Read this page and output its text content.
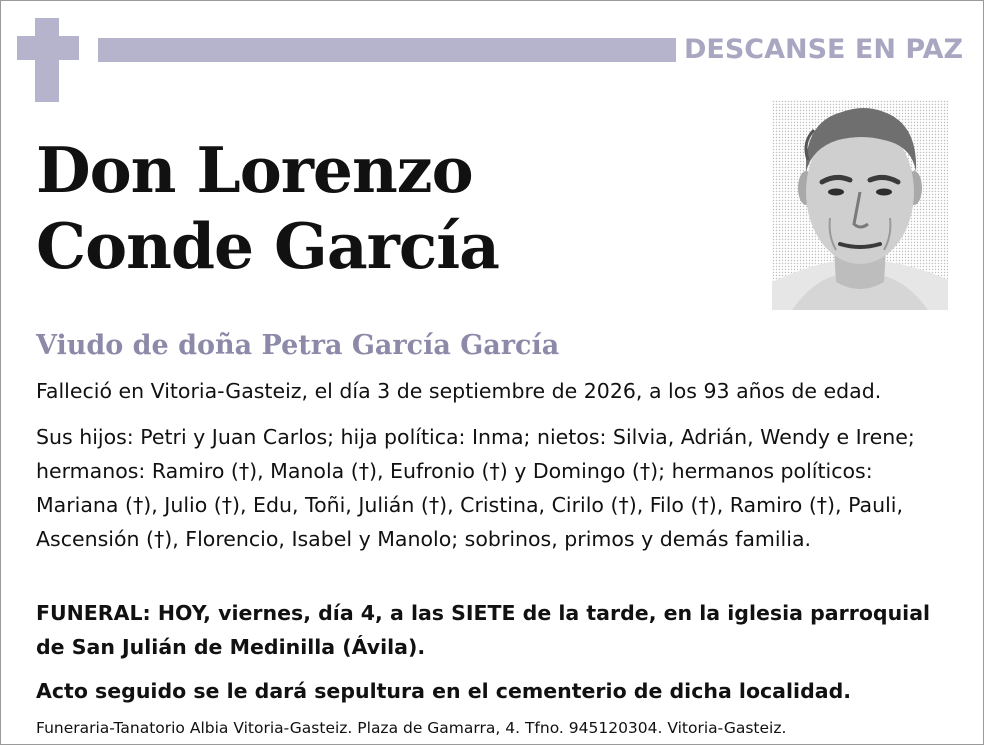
DESCANSE EN PAZ
Don Lorenzo
Conde García
Viudo de doña Petra García García
Falleció en Vitoria-Gasteiz, el día 3 de septiembre de 2026, a los 93 años de edad.
Sus hijos: Petri y Juan Carlos; hija política: Inma; nietos: Silvia, Adrián, Wendy e Irene; hermanos: Ramiro (†), Manola (†), Eufronio (†) y Domingo (†); hermanos políticos: Mariana (†), Julio (†), Edu, Toñi, Julián (†), Cristina, Cirilo (†), Filo (†), Ramiro (†), Pauli, Ascensión (†), Florencio, Isabel y Manolo; sobrinos, primos y demás familia.
FUNERAL: HOY, viernes, día 4, a las SIETE de la tarde, en la iglesia parroquial de San Julián de Medinilla (Ávila).
Acto seguido se le dará sepultura en el cementerio de dicha localidad.
Funeraria-Tanatorio Albia Vitoria-Gasteiz. Plaza de Gamarra, 4. Tfno. 945120304. Vitoria-Gasteiz.
